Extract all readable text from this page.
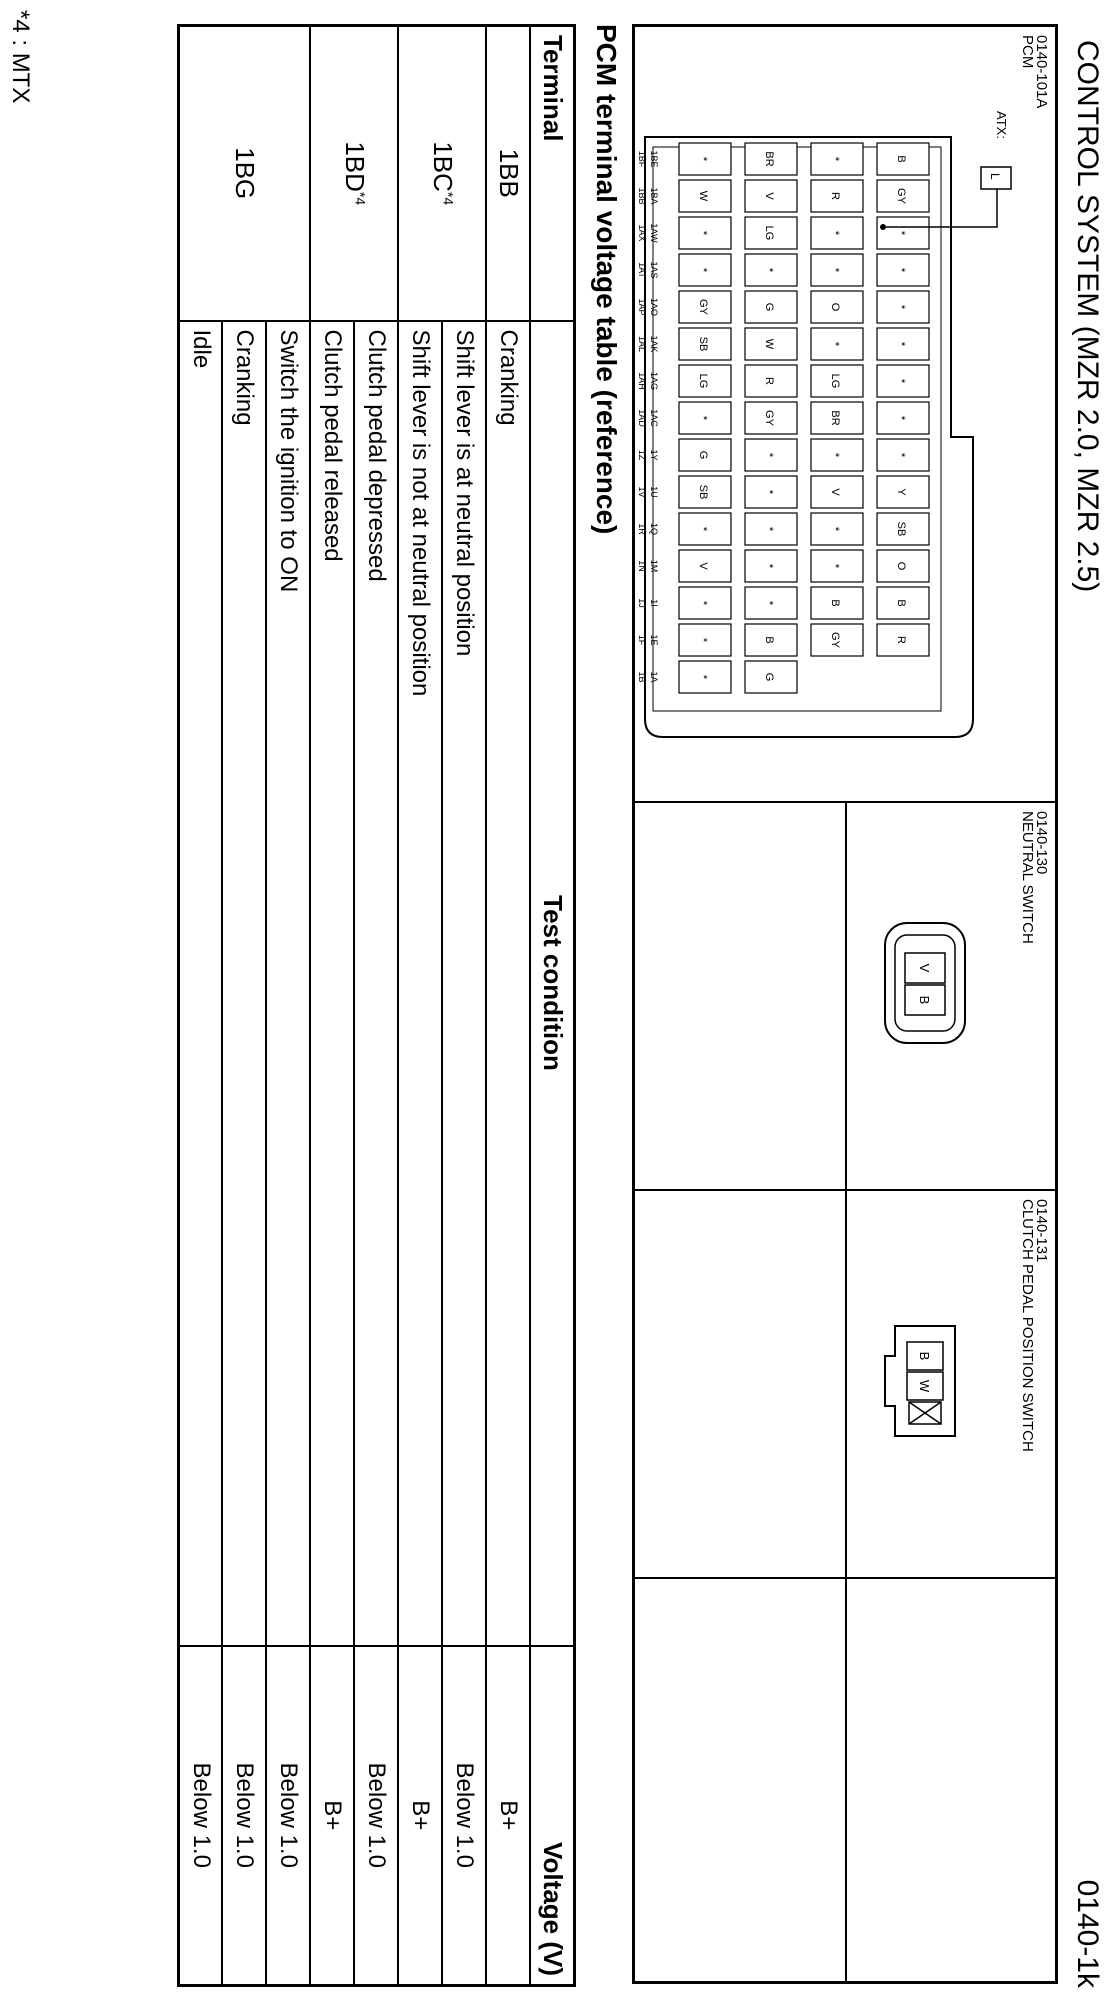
CONTROL SYSTEM (MZR 2.0, MZR 2.5)
0140-1k
0140-101A
PCM
1BE
1BA
1AW
1AS
1AO
1AK
1AG
1AC
1Y
1U
1Q
1M
1I
1E
1A
1BF
1BB
1AX
1AT
1AP
1AL
1AH
1AD
1Z
1V
1R
1N
1J
1F
1B
B
GY
*
*
*
*
*
*
*
Y
SB
O
B
R
*
R
*
*
O
*
LG
BR
*
V
*
*
B
GY
BR
V
LG
*
G
W
R
GY
*
*
*
*
*
B
G
*
W
*
*
GY
SB
LG
*
G
SB
*
V
*
*
*
ATX:
L
0140-130
NEUTRAL SWITCH
V
B
0140-131
CLUTCH PEDAL POSITION SWITCH
B
W
PCM terminal voltage table (reference)
Terminal	Test condition	Voltage (V)
1BB	Cranking	B+
$1BC^{*4}$	Shift lever is at neutral position	Below 1.0
	Shift lever is not at neutral position	B+
$1BD^{*4}$	Clutch pedal depressed	Below 1.0
	Clutch pedal released	B+
1BG	Switch the ignition to ON	Below 1.0
	Cranking	Below 1.0
	Idle	Below 1.0
*4 : MTX
